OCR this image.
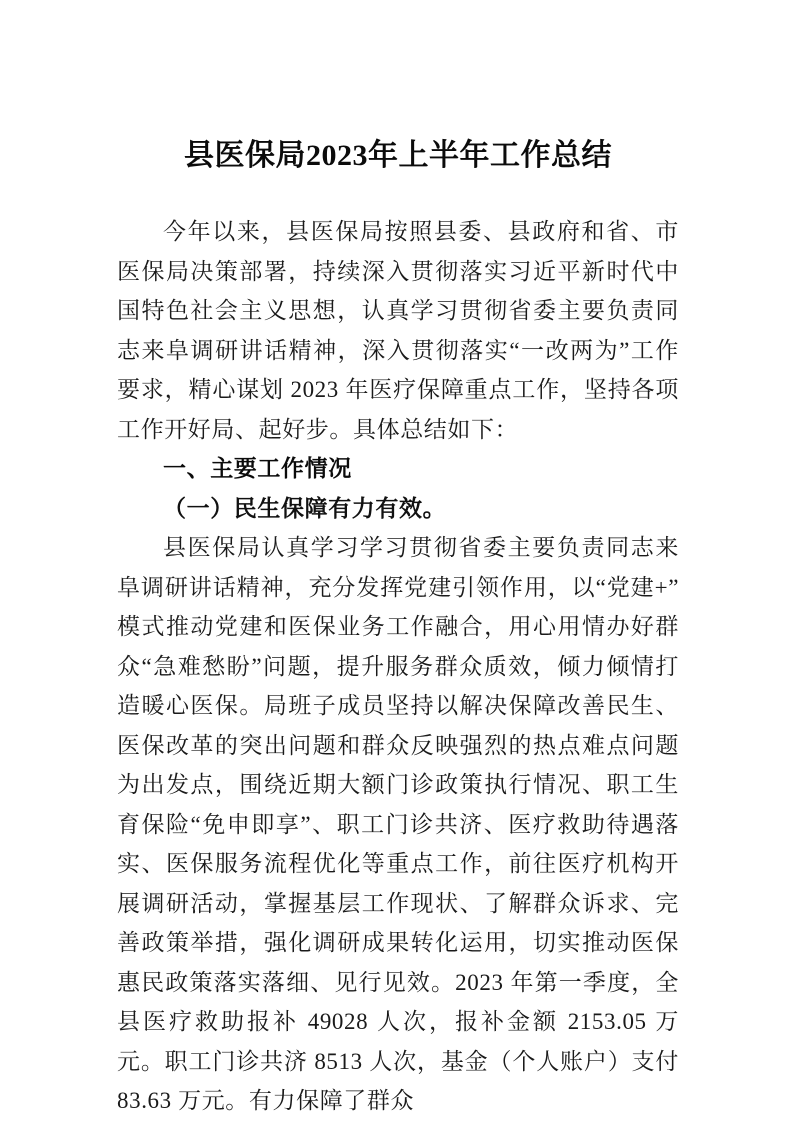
县医保局2023年上半年工作总结

今年以来，县医保局按照县委、县政府和省、市医保局决策部署，持续深入贯彻落实习近平新时代中国特色社会主义思想，认真学习贯彻省委主要负责同志来阜调研讲话精神，深入贯彻落实“一改两为”工作要求，精心谋划 2023 年医疗保障重点工作，坚持各项工作开好局、起好步。具体总结如下：

一、主要工作情况

（一）民生保障有力有效。

县医保局认真学习学习贯彻省委主要负责同志来阜调研讲话精神，充分发挥党建引领作用，以“党建+”模式推动党建和医保业务工作融合，用心用情办好群众“急难愁盼”问题，提升服务群众质效，倾力倾情打造暖心医保。局班子成员坚持以解决保障改善民生、医保改革的突出问题和群众反映强烈的热点难点问题为出发点，围绕近期大额门诊政策执行情况、职工生育保险“免申即享”、职工门诊共济、医疗救助待遇落实、医保服务流程优化等重点工作，前往医疗机构开展调研活动，掌握基层工作现状、了解群众诉求、完善政策举措，强化调研成果转化运用，切实推动医保惠民政策落实落细、见行见效。2023 年第一季度，全县医疗救助报补 49028 人次，报补金额 2153.05 万元。职工门诊共济 8513 人次，基金（个人账户）支付 83.63 万元。有力保障了群众
